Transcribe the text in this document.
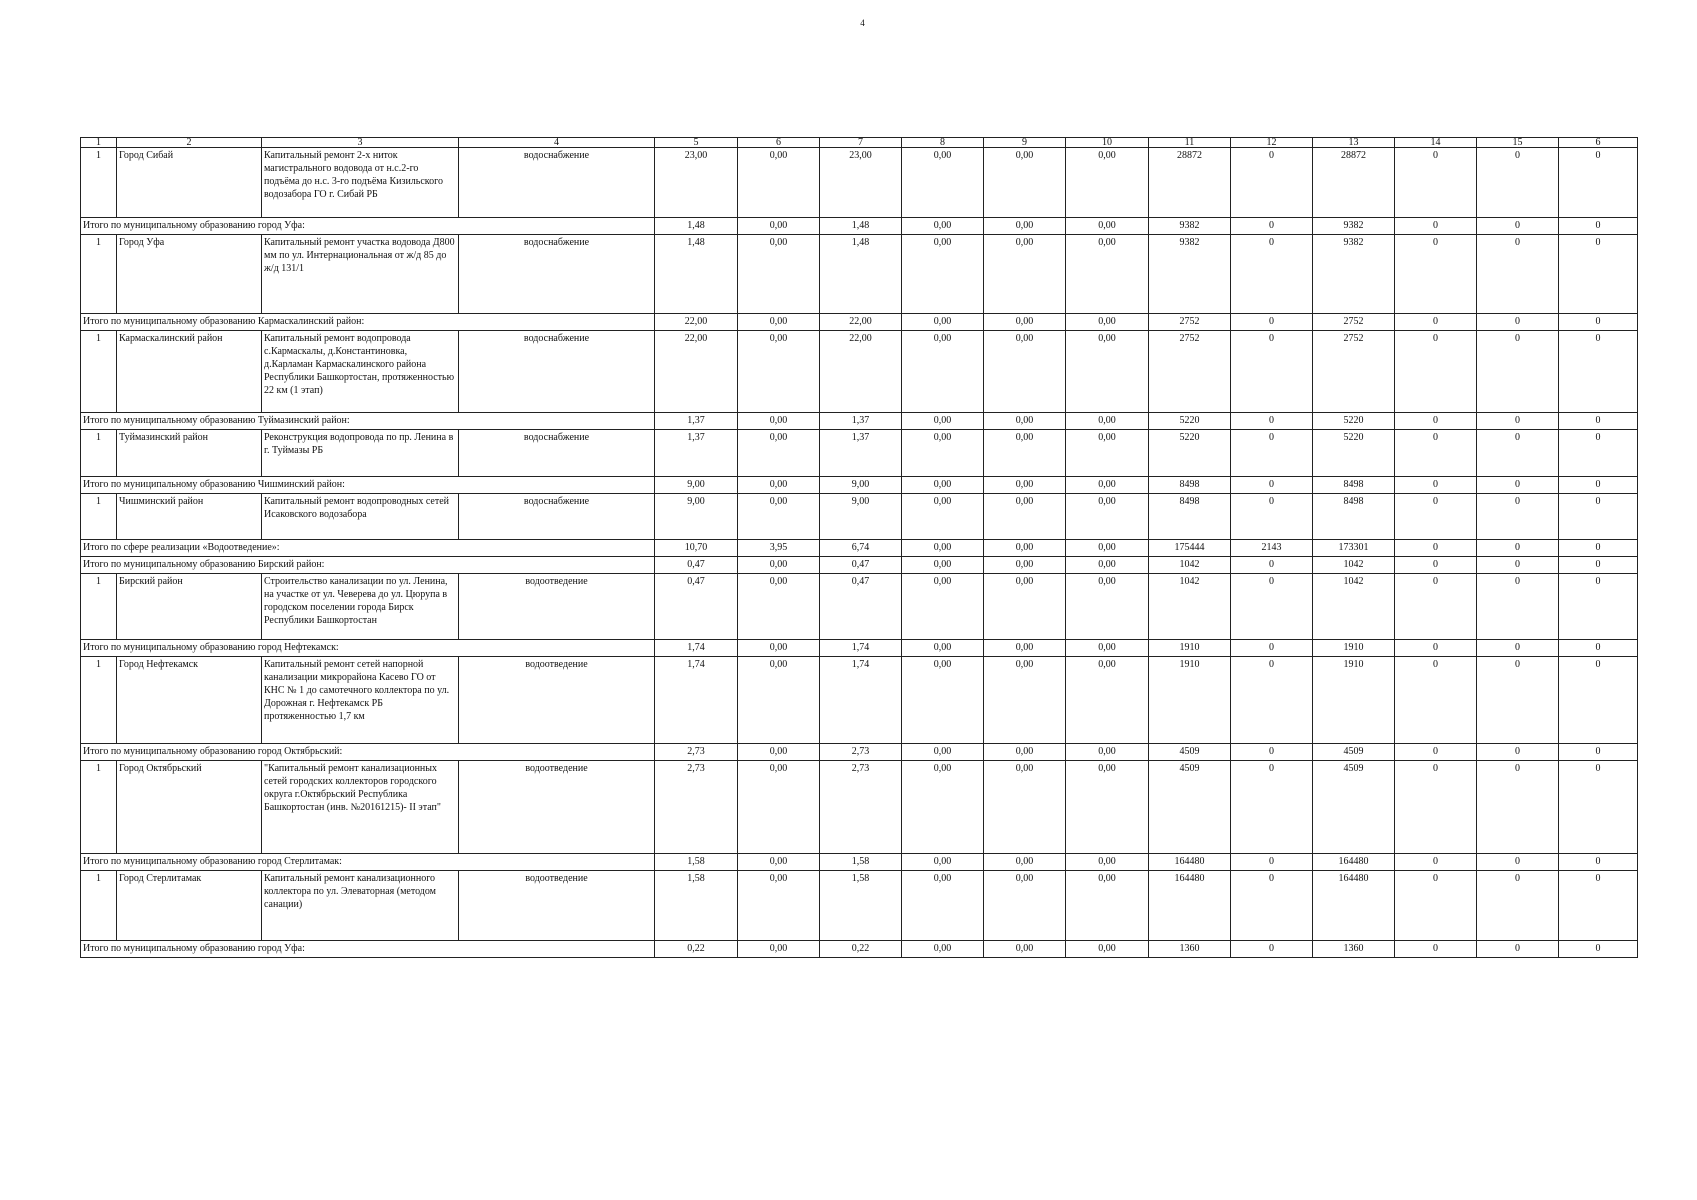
4
1	2	3	4	5	6	7	8	9	10	11	12	13	14	15	6
1	Город Сибай	Капитальный ремонт 2-х ниток магистрального водовода от н.с.2-го подъёма до н.с. 3-го подъёма Кизильского водозабора ГО г. Сибай РБ	водоснабжение	23,00	0,00	23,00	0,00	0,00	0,00	28872	0	28872	0	0	0
Итого по муниципальному образованию город Уфа:				1,48	0,00	1,48	0,00	0,00	0,00	9382	0	9382	0	0	0
1	Город Уфа	Капитальный ремонт участка водовода Д800 мм по ул. Интернациональная от ж/д 85 до ж/д 131/1	водоснабжение	1,48	0,00	1,48	0,00	0,00	0,00	9382	0	9382	0	0	0
Итого по муниципальному образованию Кармаскалинский район:				22,00	0,00	22,00	0,00	0,00	0,00	2752	0	2752	0	0	0
1	Кармаскалинский район	Капитальный ремонт водопровода с.Кармаскалы, д.Константиновка, д.Карламан Кармаскалинского района Республики Башкортостан, протяженностью 22 км (1 этап)	водоснабжение	22,00	0,00	22,00	0,00	0,00	0,00	2752	0	2752	0	0	0
Итого по муниципальному образованию Туймазинский район:				1,37	0,00	1,37	0,00	0,00	0,00	5220	0	5220	0	0	0
1	Туймазинский район	Реконструкция водопровода по пр. Ленина в г. Туймазы РБ	водоснабжение	1,37	0,00	1,37	0,00	0,00	0,00	5220	0	5220	0	0	0
Итого по муниципальному образованию Чишминский район:				9,00	0,00	9,00	0,00	0,00	0,00	8498	0	8498	0	0	0
1	Чишминский район	Капитальный ремонт водопроводных сетей Исаковского водозабора	водоснабжение	9,00	0,00	9,00	0,00	0,00	0,00	8498	0	8498	0	0	0
Итого по сфере реализации «Водоотведение»:				10,70	3,95	6,74	0,00	0,00	0,00	175444	2143	173301	0	0	0
Итого по муниципальному образованию Бирский район:				0,47	0,00	0,47	0,00	0,00	0,00	1042	0	1042	0	0	0
1	Бирский район	Строительство канализации по ул. Ленина, на участке от ул. Чеверева до ул. Цюрупа в городском поселении города Бирск Республики Башкортостан	водоотведение	0,47	0,00	0,47	0,00	0,00	0,00	1042	0	1042	0	0	0
Итого по муниципальному образованию город Нефтекамск:				1,74	0,00	1,74	0,00	0,00	0,00	1910	0	1910	0	0	0
1	Город Нефтекамск	Капитальный ремонт сетей напорной канализации микрорайона Касево ГО от КНС № 1 до самотечного коллектора по ул. Дорожная г. Нефтекамск РБ протяженностью 1,7 км	водоотведение	1,74	0,00	1,74	0,00	0,00	0,00	1910	0	1910	0	0	0
Итого по муниципальному образованию город Октябрьский:				2,73	0,00	2,73	0,00	0,00	0,00	4509	0	4509	0	0	0
1	Город Октябрьский	"Капитальный ремонт канализационных сетей городских коллекторов городского округа г.Октябрьский Республика Башкортостан (инв. №20161215)- II этап"	водоотведение	2,73	0,00	2,73	0,00	0,00	0,00	4509	0	4509	0	0	0
Итого по муниципальному образованию город Стерлитамак:				1,58	0,00	1,58	0,00	0,00	0,00	164480	0	164480	0	0	0
1	Город Стерлитамак	Капитальный ремонт канализационного коллектора по ул. Элеваторная (методом санации)	водоотведение	1,58	0,00	1,58	0,00	0,00	0,00	164480	0	164480	0	0	0
Итого по муниципальному образованию город Уфа:				0,22	0,00	0,22	0,00	0,00	0,00	1360	0	1360	0	0	0
